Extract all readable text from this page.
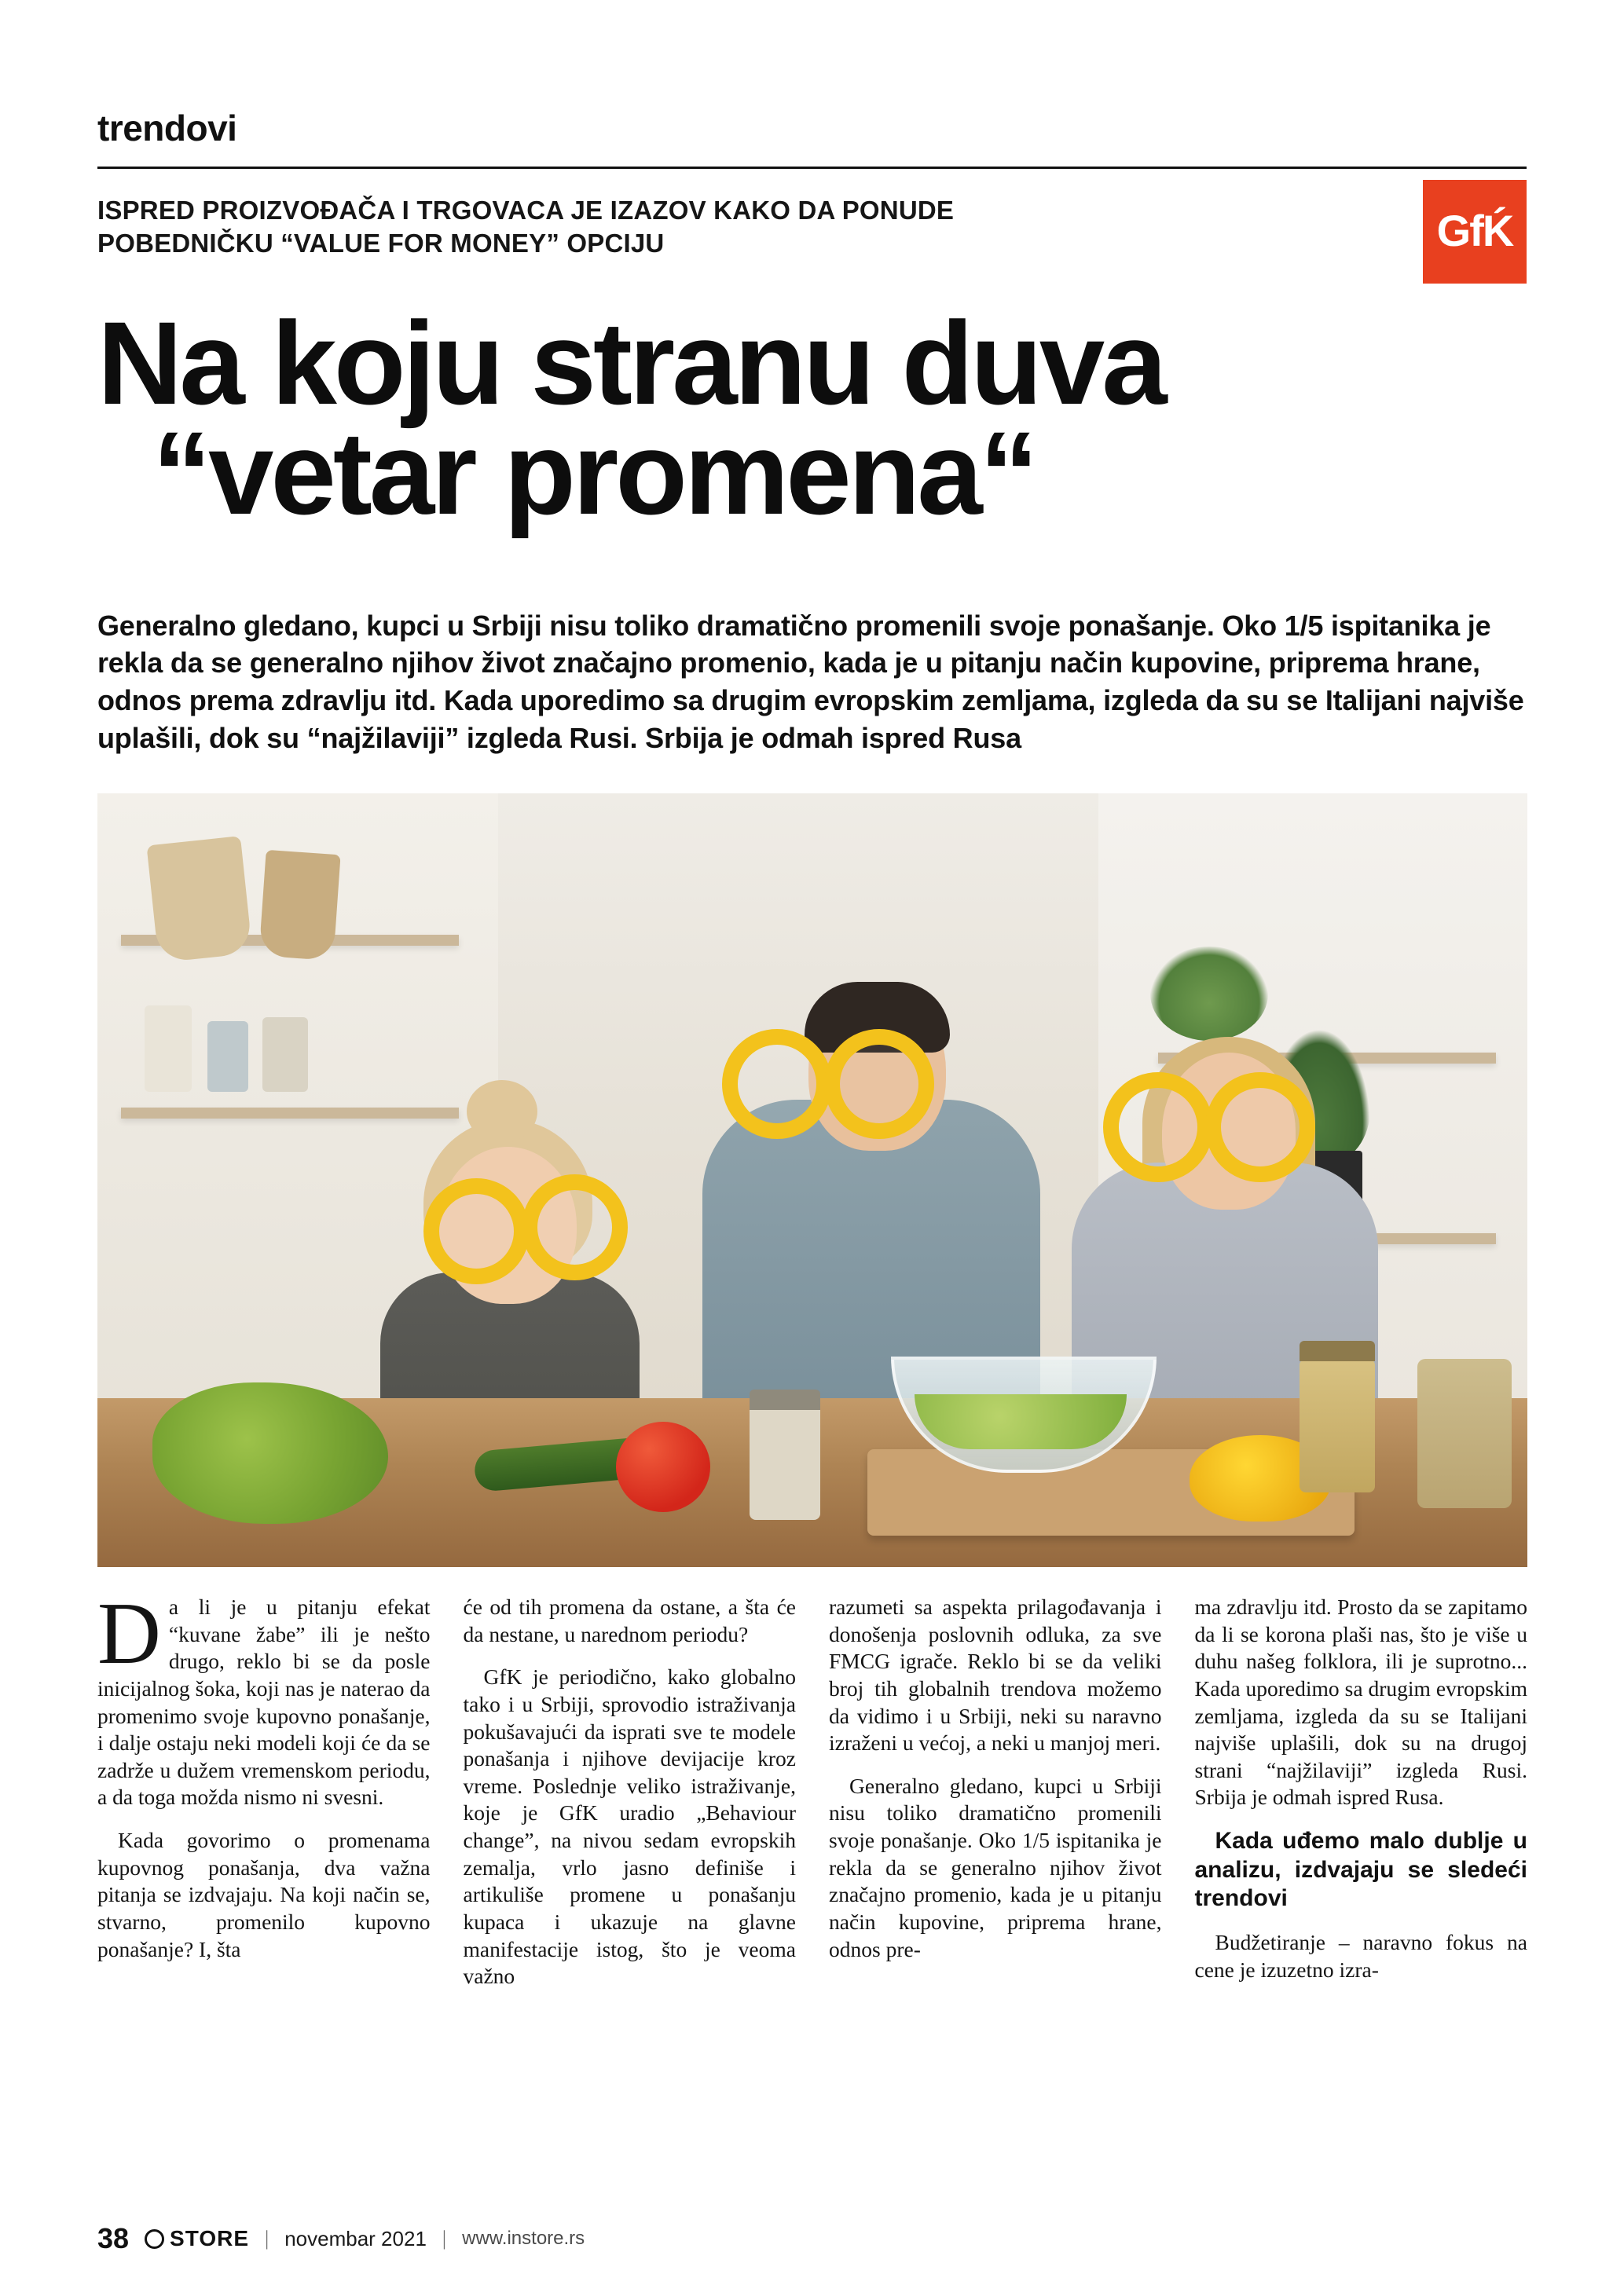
trendovi
ISPRED PROIZVOĐAČA I TRGOVACA JE IZAZOV KAKO DA PONUDE
POBEDNIČKU “VALUE FOR MONEY” OPCIJU	GfḰ
Na koju stranu duva
“vetar promena“
Generalno gledano, kupci u Srbiji nisu toliko dramatično promenili svoje ponašanje. Oko 1/5 ispitanika je rekla da se generalno njihov život značajno promenio, kada je u pitanju način kupovine, priprema hrane, odnos prema zdravlju itd. Kada uporedimo sa drugim evropskim zemljama, izgleda da su se Italijani najviše uplašili, dok su “najžilaviji” izgleda Rusi. Srbija je odmah ispred Rusa

Da li je u pitanju efekat “kuvane žabe” ili je nešto drugo, reklo bi se da posle inicijalnog šoka, koji nas je naterao da promenimo svoje kupovno ponašanje, i dalje ostaju neki modeli koji će da se zadrže u dužem vremenskom periodu, a da toga možda nismo ni svesni.

Kada govorimo o promenama kupovnog ponašanja, dva važna pitanja se izdvajaju. Na koji način se, stvarno, promenilo kupovno ponašanje? I, šta

će od tih promena da ostane, a šta će da nestane, u narednom periodu?

GfK je periodično, kako globalno tako i u Srbiji, sprovodio istraživanja pokušavajući da isprati sve te modele ponašanja i njihove devijacije kroz vreme. Poslednje veliko istraživanje, koje je GfK uradio „Behaviour change”, na nivou sedam evropskih zemalja, vrlo jasno definiše i artikuliše promene u ponašanju kupaca i ukazuje na glavne manifestacije istog, što je veoma važno

razumeti sa aspekta prilagođavanja i donošenja poslovnih odluka, za sve FMCG igrače. Reklo bi se da veliki broj tih globalnih trendova možemo da vidimo i u Srbiji, neki su naravno izraženi u većoj, a neki u manjoj meri.

Generalno gledano, kupci u Srbiji nisu toliko dramatično promenili svoje ponašanje. Oko 1/5 ispitanika je rekla da se generalno njihov život značajno promenio, kada je u pitanju način kupovine, priprema hrane, odnos pre-

ma zdravlju itd. Prosto da se zapitamo da li se korona plaši nas, što je više u duhu našeg folklora, ili je suprotno... Kada uporedimo sa drugim evropskim zemljama, izgleda da su se Italijani najviše uplašili, dok su na drugoj strani “najžilaviji” izgleda Rusi. Srbija je odmah ispred Rusa.

Kada uđemo malo dublje u analizu, izdvajaju se sledeći trendovi

Budžetiranje – naravno fokus na cene je izuzetno izra-

38 STORE | novembar 2021 | www.instore.rs
